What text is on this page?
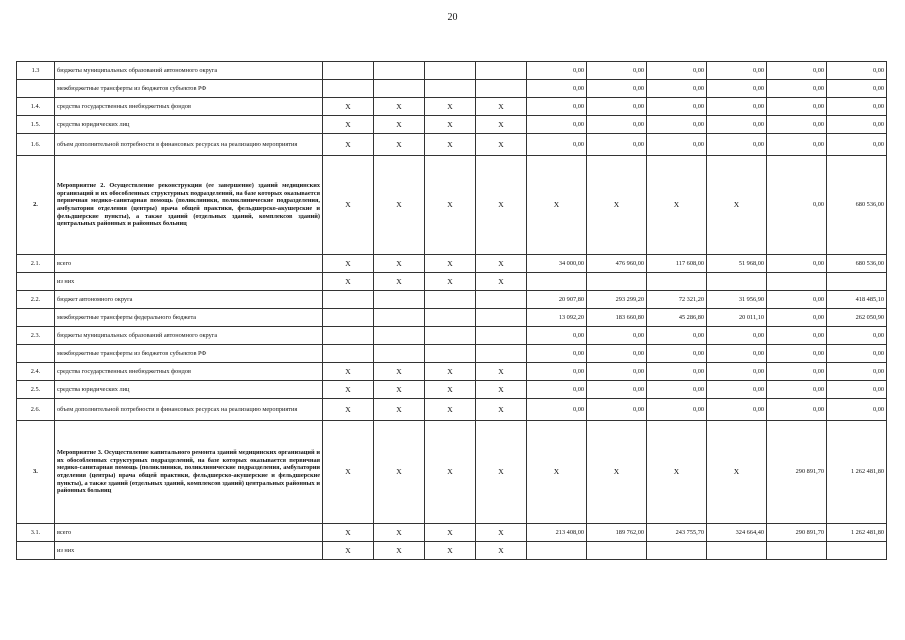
20
1.3	бюджеты муниципальных образований автономного округа					0,00	0,00	0,00	0,00	0,00	0,00
	межбюджетные трансферты из бюджетов субъектов РФ					0,00	0,00	0,00	0,00	0,00	0,00
1.4.	средства государственных внебюджетных фондов	X	X	X	X	0,00	0,00	0,00	0,00	0,00	0,00
1.5.	средства юридических лиц	X	X	X	X	0,00	0,00	0,00	0,00	0,00	0,00
1.6.	объем дополнительной потребности в финансовых ресурсах на реализацию мероприятия	X	X	X	X	0,00	0,00	0,00	0,00	0,00	0,00
2.	Мероприятие 2. Осуществление реконструкции (ее завершение) зданий медицинских организаций и их обособленных структурных подразделений, на базе которых оказывается первичная медико-санитарная помощь (поликлиники, поликлинические подразделения, амбулатории отделения (центры) врача общей практики, фельдшерско-акушерские и фельдшерские пункты), а также зданий (отдельных зданий, комплексов зданий) центральных районных и районных больниц	X	X	X	X	X	X	X	X	0,00	680 536,00
2.1.	всего	X	X	X	X	34 000,00	476 960,00	117 608,00	51 968,00	0,00	680 536,00
	из них	X	X	X	X						
2.2.	бюджет автономного округа					20 907,80	293 299,20	72 321,20	31 956,90	0,00	418 485,10
	межбюджетные трансферты федерального бюджета					13 092,20	183 660,80	45 286,80	20 011,10	0,00	262 050,90
2.3.	бюджеты муниципальных образований автономного округа					0,00	0,00	0,00	0,00	0,00	0,00
	межбюджетные трансферты из бюджетов субъектов РФ					0,00	0,00	0,00	0,00	0,00	0,00
2.4.	средства государственных внебюджетных фондов	X	X	X	X	0,00	0,00	0,00	0,00	0,00	0,00
2.5.	средства юридических лиц	X	X	X	X	0,00	0,00	0,00	0,00	0,00	0,00
2.6.	объем дополнительной потребности в финансовых ресурсах на реализацию мероприятия	X	X	X	X	0,00	0,00	0,00	0,00	0,00	0,00
3.	Мероприятие 3. Осуществление капитального ремонта зданий медицинских организаций и их обособленных структурных подразделений, на базе которых оказывается первичная медико-санитарная помощь (поликлиники, поликлинические подразделения, амбулатории отделения (центры) врача общей практики, фельдшерско-акушерские и фельдшерские пункты), а также зданий (отдельных зданий, комплексов зданий) центральных районных и районных больниц	X	X	X	X	X	X	X	X	290 891,70	1 262 481,80
3.1.	всего	X	X	X	X	213 408,00	189 762,00	243 755,70	324 664,40	290 891,70	1 262 481,80
	из них	X	X	X	X						
